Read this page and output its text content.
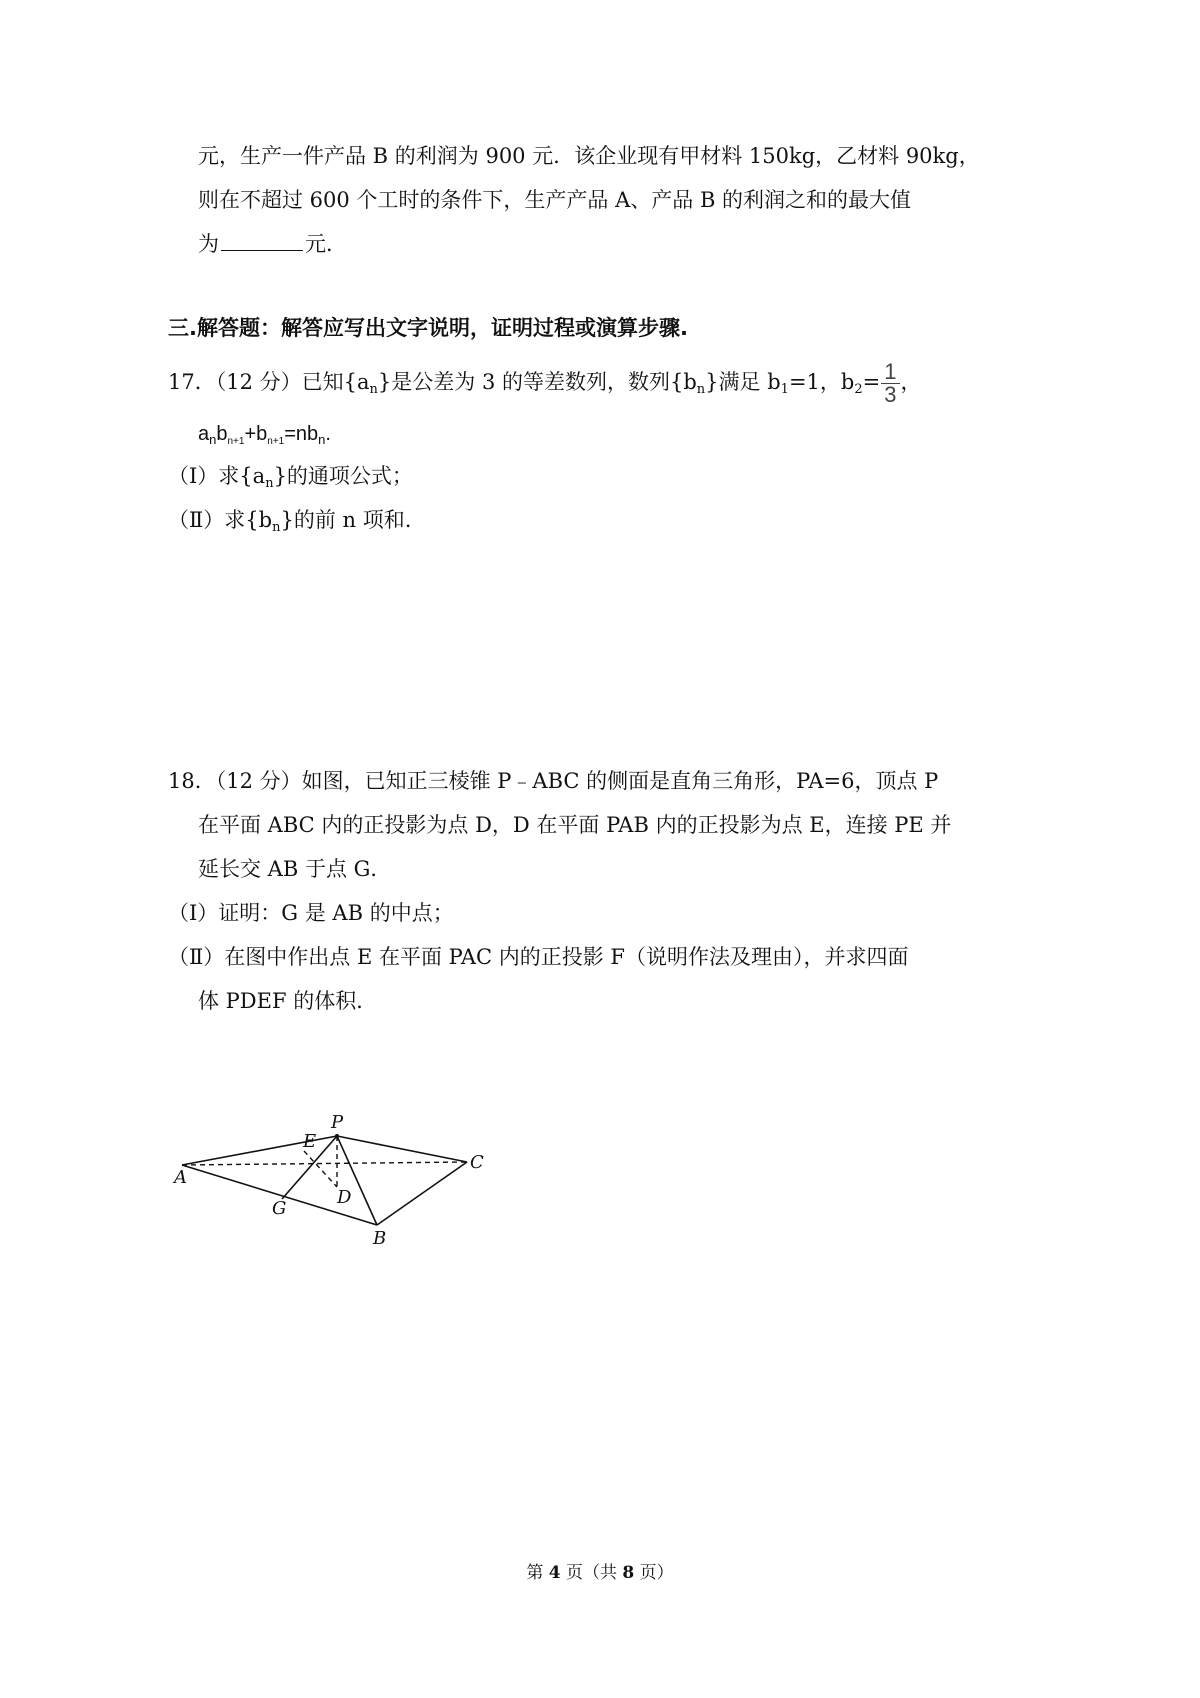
元，生产一件产品 B 的利润为 900 元．该企业现有甲材料 150kg，乙材料 90kg，
则在不超过 600 个工时的条件下，生产产品 A、产品 B 的利润之和的最大值
为	元．
三.解答题：解答应写出文字说明，证明过程或演算步骤.
17．（12 分）已知$\{a_n\}$是公差为 3 的等差数列，数列$\{b_n\}$满足 $b_1=1$，$b_2= \frac{1}{3}$ ，
$a_nb_{n+1}+b_{n+1}=nb_n$.
（Ⅰ）求$\{a_n\}$的通项公式；
（Ⅱ）求$\{b_n\}$的前 n 项和.
18．（12 分）如图，已知正三棱锥 P﹣ABC 的侧面是直角三角形，PA=6，顶点 P
在平面 ABC 内的正投影为点 D，D 在平面 PAB 内的正投影为点 E，连接 PE 并
延长交 AB 于点 G．
（Ⅰ）证明：G 是 AB 的中点；
（Ⅱ）在图中作出点 E 在平面 PAC 内的正投影 F（说明作法及理由），并求四面
体 PDEF 的体积．
P
E
A
C
D
G
B
第 4 页（共 8 页）
